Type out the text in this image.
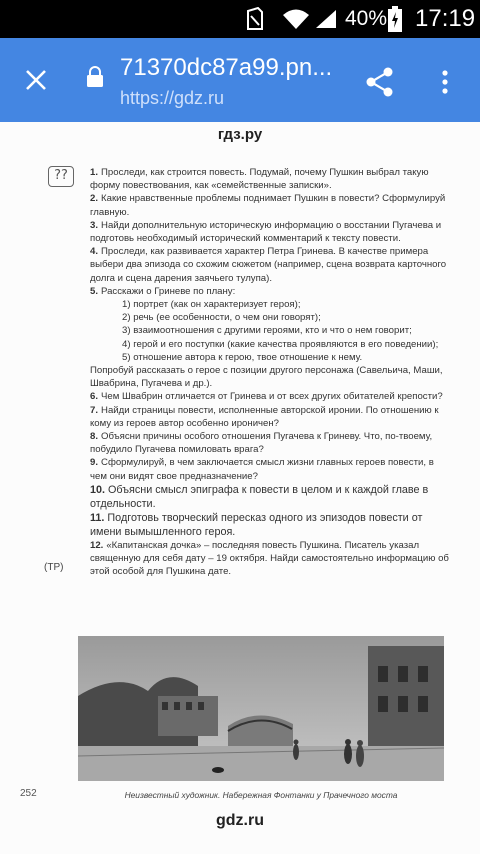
40% 17:19
71370dc87a99.pn...
https://gdz.ru
гдз.ру
??
(ТР)

1. Проследи, как строится повесть. Подумай, почему Пушкин выбрал такую форму повествования, как «семейственные записки».

2. Какие нравственные проблемы поднимает Пушкин в повести? Сформулируй главную.

3. Найди дополнительную историческую информацию о восстании Пугачева и подготовь необходимый исторический комментарий к тексту повести.

4. Проследи, как развивается характер Петра Гринева. В качестве примера выбери два эпизода со схожим сюжетом (например, сцена возврата карточного долга и сцена дарения заячьего тулупа).

5. Расскажи о Гриневе по плану:

1) портрет (как он характеризует героя);

2) речь (ее особенности, о чем они говорят);

3) взаимоотношения с другими героями, кто и что о нем говорит;

4) герой и его поступки (какие качества проявляются в его поведении);

5) отношение автора к герою, твое отношение к нему.

Попробуй рассказать о герое с позиции другого персонажа (Савельича, Маши, Швабрина, Пугачева и др.).

6. Чем Швабрин отличается от Гринева и от всех других обитателей крепости?

7. Найди страницы повести, исполненные авторской иронии. По отношению к кому из героев автор особенно ироничен?

8. Объясни причины особого отношения Пугачева к Гриневу. Что, по-твоему, побудило Пугачева помиловать врага?

9. Сформулируй, в чем заключается смысл жизни главных героев повести, в чем они видят свое предназначение?

10. Объясни смысл эпиграфа к повести в целом и к каждой главе в отдельности.

11. Подготовь творческий пересказ одного из эпизодов повести от имени вымышленного героя.

12. «Капитанская дочка» – последняя повесть Пушкина. Писатель указал священную для себя дату – 19 октября. Найди самостоятельно информацию об этой особой для Пушкина дате.

252	Неизвестный художник. Набережная Фонтанки у Прачечного моста
gdz.ru
